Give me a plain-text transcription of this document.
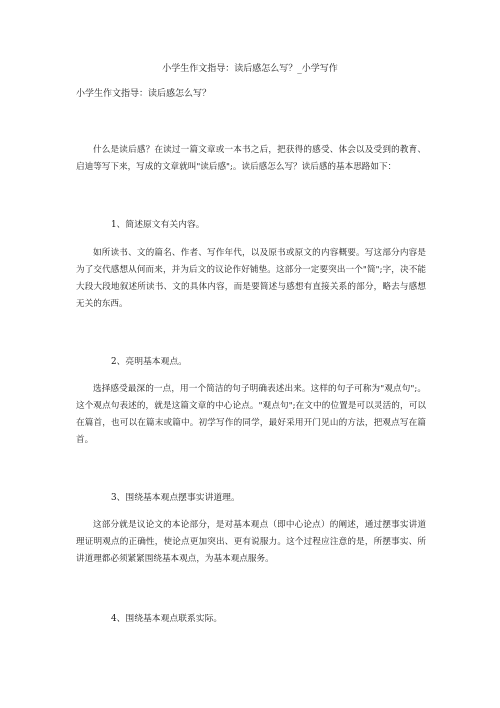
小学生作文指导：读后感怎么写？_小学写作
小学生作文指导：读后感怎么写？

什么是读后感？在读过一篇文章或一本书之后，把获得的感受、体会以及受到的教育、启迪等写下来，写成的文章就叫"读后感";。读后感怎么写？读后感的基本思路如下：

1、简述原文有关内容。

如所读书、文的篇名、作者、写作年代，以及原书或原文的内容概要。写这部分内容是为了交代感想从何而来，并为后文的议论作好铺垫。这部分一定要突出一个"简";字，决不能大段大段地叙述所读书、文的具体内容，而是要简述与感想有直接关系的部分，略去与感想无关的东西。

2、亮明基本观点。

选择感受最深的一点，用一个简洁的句子明确表述出来。这样的句子可称为"观点句";。这个观点句表述的，就是这篇文章的中心论点。"观点句";在文中的位置是可以灵活的，可以在篇首，也可以在篇末或篇中。初学写作的同学，最好采用开门见山的方法，把观点写在篇首。

3、围绕基本观点摆事实讲道理。

这部分就是议论文的本论部分，是对基本观点（即中心论点）的阐述，通过摆事实讲道理证明观点的正确性，使论点更加突出、更有说服力。这个过程应注意的是，所摆事实、所讲道理都必须紧紧围绕基本观点，为基本观点服务。

4、围绕基本观点联系实际。
